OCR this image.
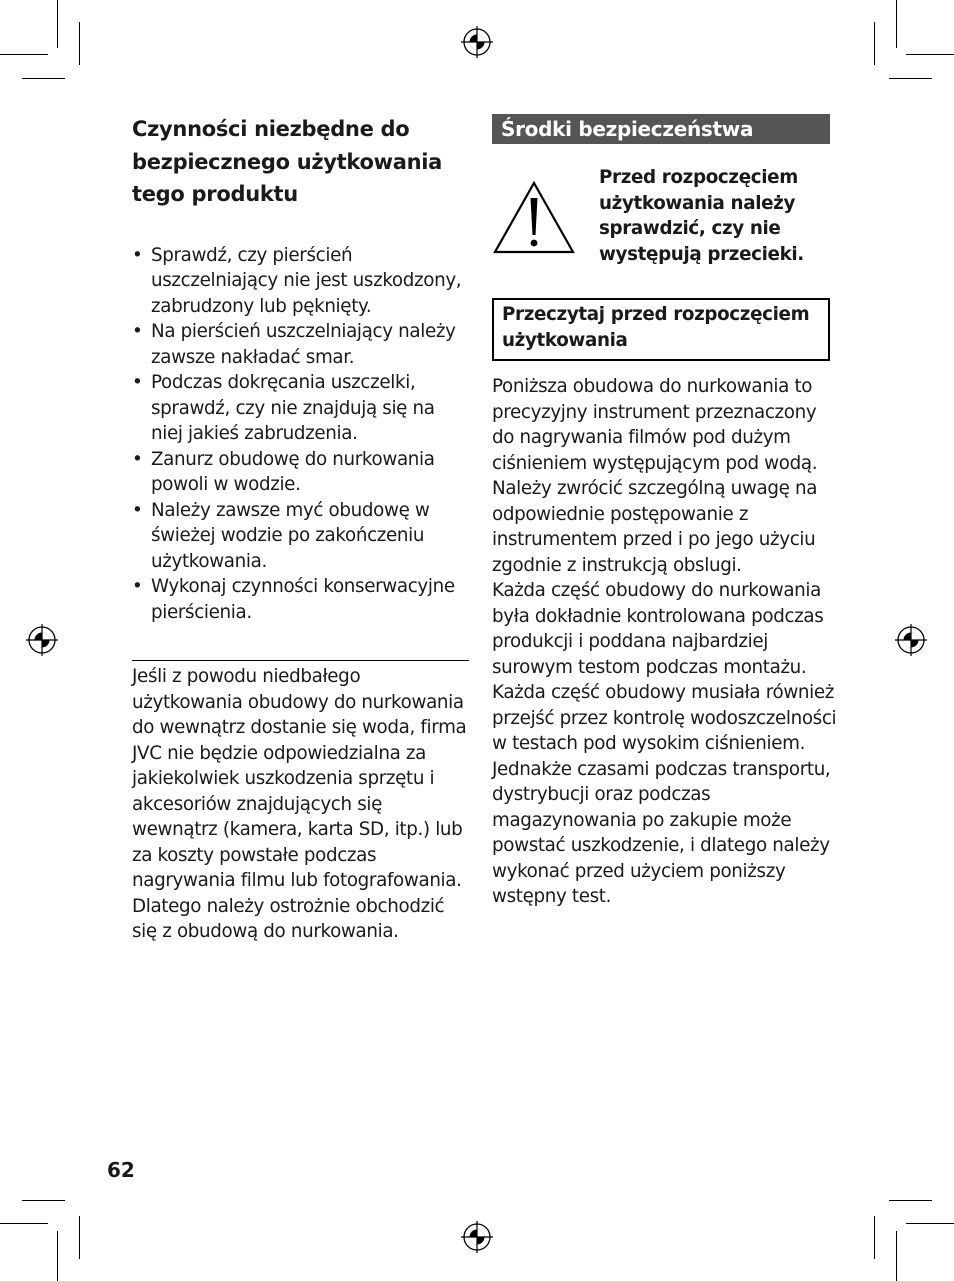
Czynności niezbędne do bezpiecznego użytkowania tego produktu
• Sprawdź, czy pierścień uszczelniający nie jest uszkodzony, zabrudzony lub pęknięty.
• Na pierścień uszczelniający należy zawsze nakładać smar.
• Podczas dokręcania uszczelki, sprawdź, czy nie znajdują się na niej jakieś zabrudzenia.
• Zanurz obudowę do nurkowania powoli w wodzie.
• Należy zawsze myć obudowę w świeżej wodzie po zakończeniu użytkowania.
• Wykonaj czynności konserwacyjne pierścienia.

Jeśli z powodu niedbałego użytkowania obudowy do nurkowania do wewnątrz dostanie się woda, firma JVC nie będzie odpowiedzialna za jakiekolwiek uszkodzenia sprzętu i akcesoriów znajdujących się wewnątrz (kamera, karta SD, itp.) lub za koszty powstałe podczas nagrywania filmu lub fotografowania. Dlatego należy ostrożnie obchodzić się z obudową do nurkowania.

Środki bezpieczeństwa

Przed rozpoczęciem użytkowania należy sprawdzić, czy nie występują przecieki.

Przeczytaj przed rozpoczęciem użytkowania

Poniższa obudowa do nurkowania to precyzyjny instrument przeznaczony do nagrywania filmów pod dużym ciśnieniem występującym pod wodą. Należy zwrócić szczególną uwagę na odpowiednie postępowanie z instrumentem przed i po jego użyciu zgodnie z instrukcją obslugi.
Każda część obudowy do nurkowania była dokładnie kontrolowana podczas produkcji i poddana najbardziej surowym testom podczas montażu. Każda część obudowy musiała również przejść przez kontrolę wodoszczelności w testach pod wysokim ciśnieniem. Jednakże czasami podczas transportu, dystrybucji oraz podczas magazynowania po zakupie może powstać uszkodzenie, i dlatego należy wykonać przed użyciem poniższy wstępny test.

62
